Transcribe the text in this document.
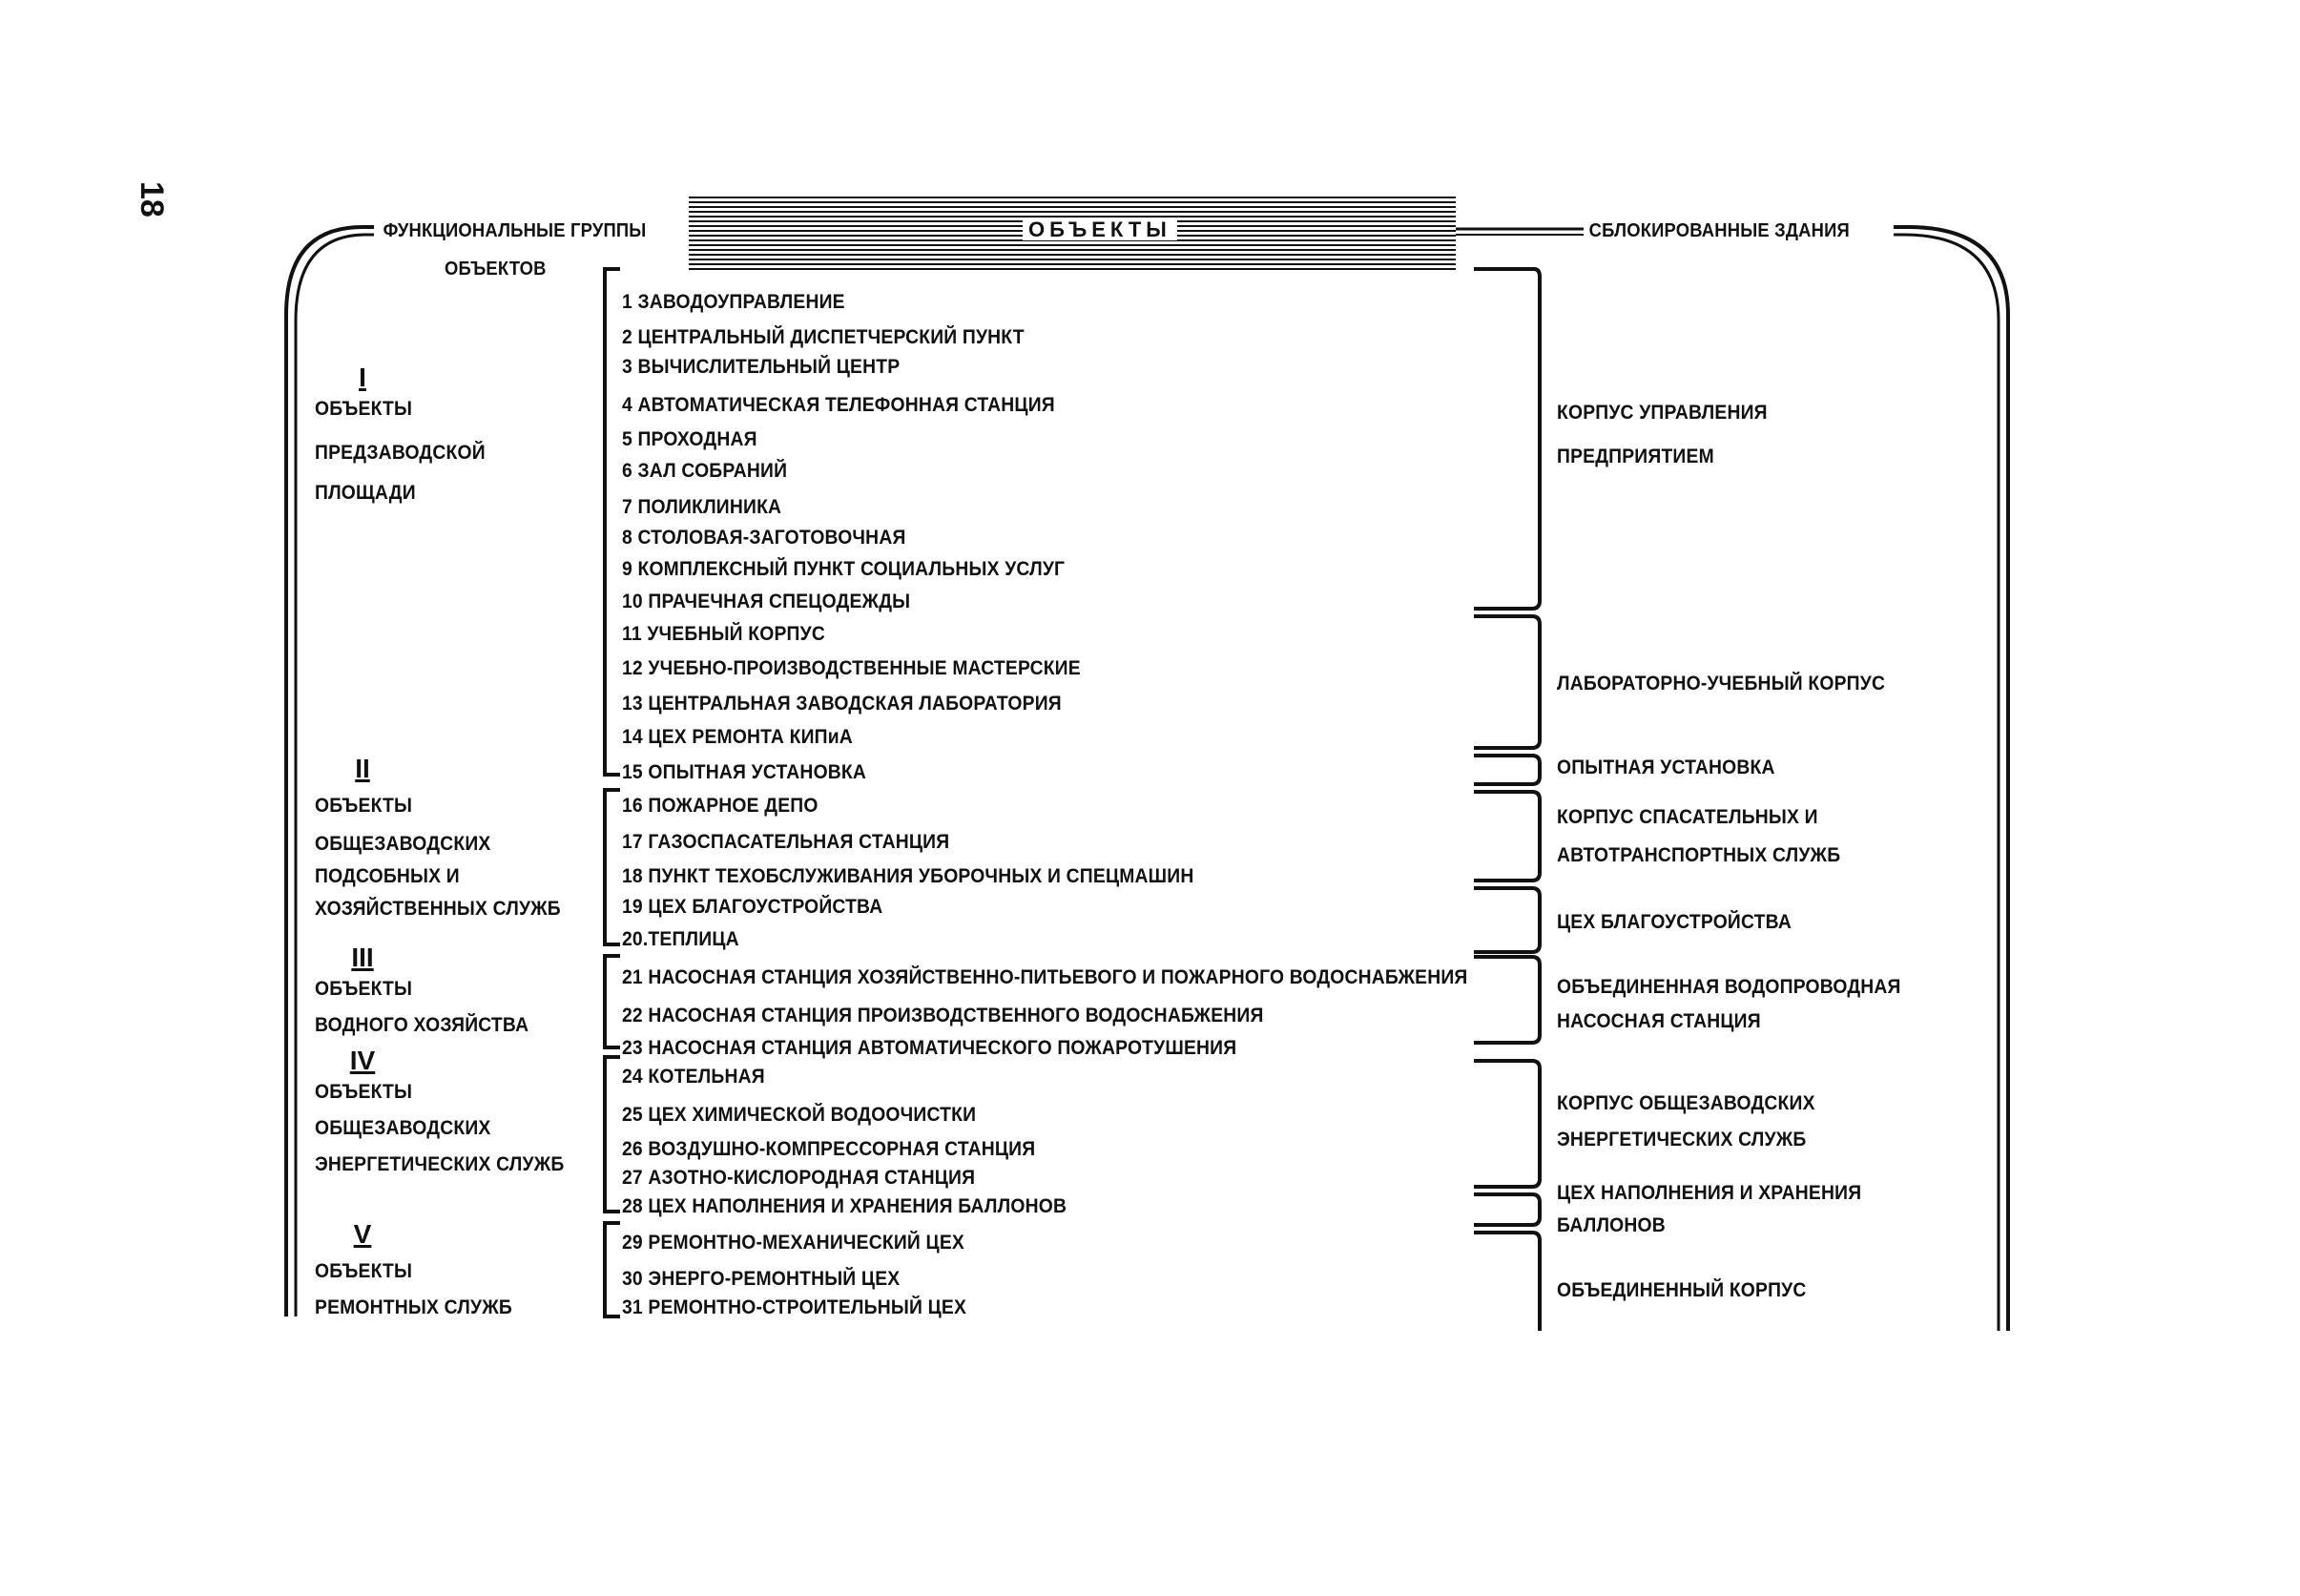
18
ОБЪЕКТЫ
ФУНКЦИОНАЛЬНЫЕ ГРУППЫ
ОБЪЕКТОВ
СБЛОКИРОВАННЫЕ ЗДАНИЯ
I
II
III
IV
V
ОБЪЕКТЫ
ПРЕДЗАВОДСКОЙ
ПЛОЩАДИ
ОБЪЕКТЫ
ОБЩЕЗАВОДСКИХ
ПОДСОБНЫХ И
ХОЗЯЙСТВЕННЫХ СЛУЖБ
ОБЪЕКТЫ
ВОДНОГО ХОЗЯЙСТВА
ОБЪЕКТЫ
ОБЩЕЗАВОДСКИХ
ЭНЕРГЕТИЧЕСКИХ СЛУЖБ
ОБЪЕКТЫ
РЕМОНТНЫХ СЛУЖБ
1 ЗАВОДОУПРАВЛЕНИЕ
2 ЦЕНТРАЛЬНЫЙ ДИСПЕТЧЕРСКИЙ ПУНКТ
3 ВЫЧИСЛИТЕЛЬНЫЙ ЦЕНТР
4 АВТОМАТИЧЕСКАЯ ТЕЛЕФОННАЯ СТАНЦИЯ
5 ПРОХОДНАЯ
6 ЗАЛ СОБРАНИЙ
7 ПОЛИКЛИНИКА
8 СТОЛОВАЯ-ЗАГОТОВОЧНАЯ
9 КОМПЛЕКСНЫЙ ПУНКТ СОЦИАЛЬНЫХ УСЛУГ
10 ПРАЧЕЧНАЯ СПЕЦОДЕЖДЫ
11 УЧЕБНЫЙ КОРПУС
12 УЧЕБНО-ПРОИЗВОДСТВЕННЫЕ МАСТЕРСКИЕ
13 ЦЕНТРАЛЬНАЯ ЗАВОДСКАЯ ЛАБОРАТОРИЯ
14 ЦЕХ РЕМОНТА КИПиА
15 ОПЫТНАЯ УСТАНОВКА
16 ПОЖАРНОЕ ДЕПО
17 ГАЗОСПАСАТЕЛЬНАЯ СТАНЦИЯ
18 ПУНКТ ТЕХОБСЛУЖИВАНИЯ УБОРОЧНЫХ И СПЕЦМАШИН
19 ЦЕХ БЛАГОУСТРОЙСТВА
20.ТЕПЛИЦА
21 НАСОСНАЯ СТАНЦИЯ ХОЗЯЙСТВЕННО-ПИТЬЕВОГО И ПОЖАРНОГО ВОДОСНАБЖЕНИЯ
22 НАСОСНАЯ СТАНЦИЯ ПРОИЗВОДСТВЕННОГО ВОДОСНАБЖЕНИЯ
23 НАСОСНАЯ СТАНЦИЯ АВТОМАТИЧЕСКОГО ПОЖАРОТУШЕНИЯ
24 КОТЕЛЬНАЯ
25 ЦЕХ ХИМИЧЕСКОЙ ВОДООЧИСТКИ
26 ВОЗДУШНО-КОМПРЕССОРНАЯ СТАНЦИЯ
27 АЗОТНО-КИСЛОРОДНАЯ СТАНЦИЯ
28 ЦЕХ НАПОЛНЕНИЯ И ХРАНЕНИЯ БАЛЛОНОВ
29 РЕМОНТНО-МЕХАНИЧЕСКИЙ ЦЕХ
30 ЭНЕРГО-РЕМОНТНЫЙ ЦЕХ
31 РЕМОНТНО-СТРОИТЕЛЬНЫЙ ЦЕХ
КОРПУС УПРАВЛЕНИЯ
ПРЕДПРИЯТИЕМ
ЛАБОРАТОРНО-УЧЕБНЫЙ КОРПУС
ОПЫТНАЯ УСТАНОВКА
КОРПУС СПАСАТЕЛЬНЫХ И
АВТОТРАНСПОРТНЫХ СЛУЖБ
ЦЕХ БЛАГОУСТРОЙСТВА
ОБЪЕДИНЕННАЯ ВОДОПРОВОДНАЯ
НАСОСНАЯ СТАНЦИЯ
КОРПУС ОБЩЕЗАВОДСКИХ
ЭНЕРГЕТИЧЕСКИХ СЛУЖБ
ЦЕХ НАПОЛНЕНИЯ И ХРАНЕНИЯ
БАЛЛОНОВ
ОБЪЕДИНЕННЫЙ КОРПУС
